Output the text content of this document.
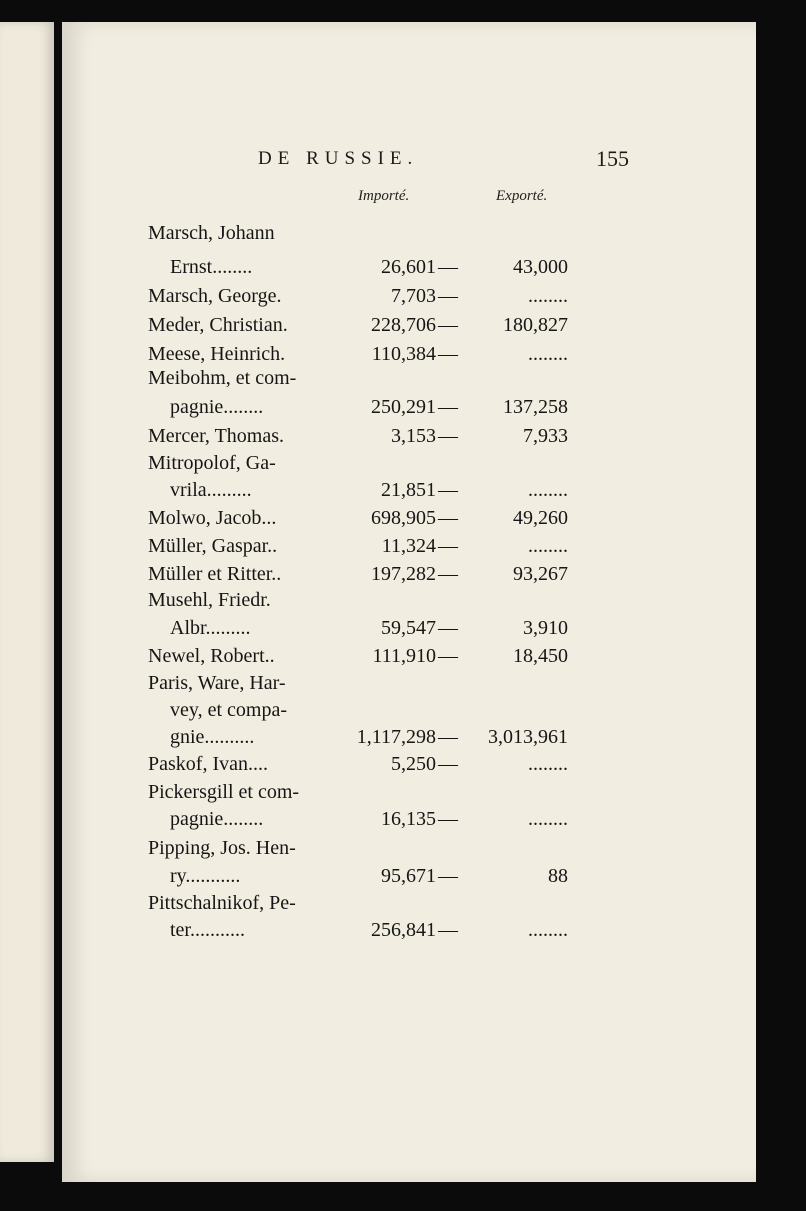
DE RUSSIE.	155
Importé.	Exporté.
Marsch, Johann
Ernst........	26,601 —	43,000
Marsch, George.	7,703 —	........
Meder, Christian.	228,706 — 180,827
Meese, Heinrich.	110,384 —	........
Meibohm, et com-
pagnie........	250,291 — 137,258
Mercer, Thomas.	3,153 —	7,933
Mitropolof, Ga-
vrila.........	21,851 —	........
Molwo, Jacob...	698,905 —	49,260
Müller, Gaspar..	11,324 —	........
Müller et Ritter..	197,282 —	93,267
Musehl, Friedr.
Albr.........	59,547 —	3,910
Newel, Robert..	111,910 —	18,450
Paris, Ware, Har-
vey, et compa-
gnie..........	1,117,298 — 3,013,961
Paskof, Ivan....	5,250 —	........
Pickersgill et com-
pagnie........	16,135 —	........
Pipping, Jos. Hen-
ry...........	95,671 —	88
Pittschalnikof, Pe-
ter...........	256,841 —	........
